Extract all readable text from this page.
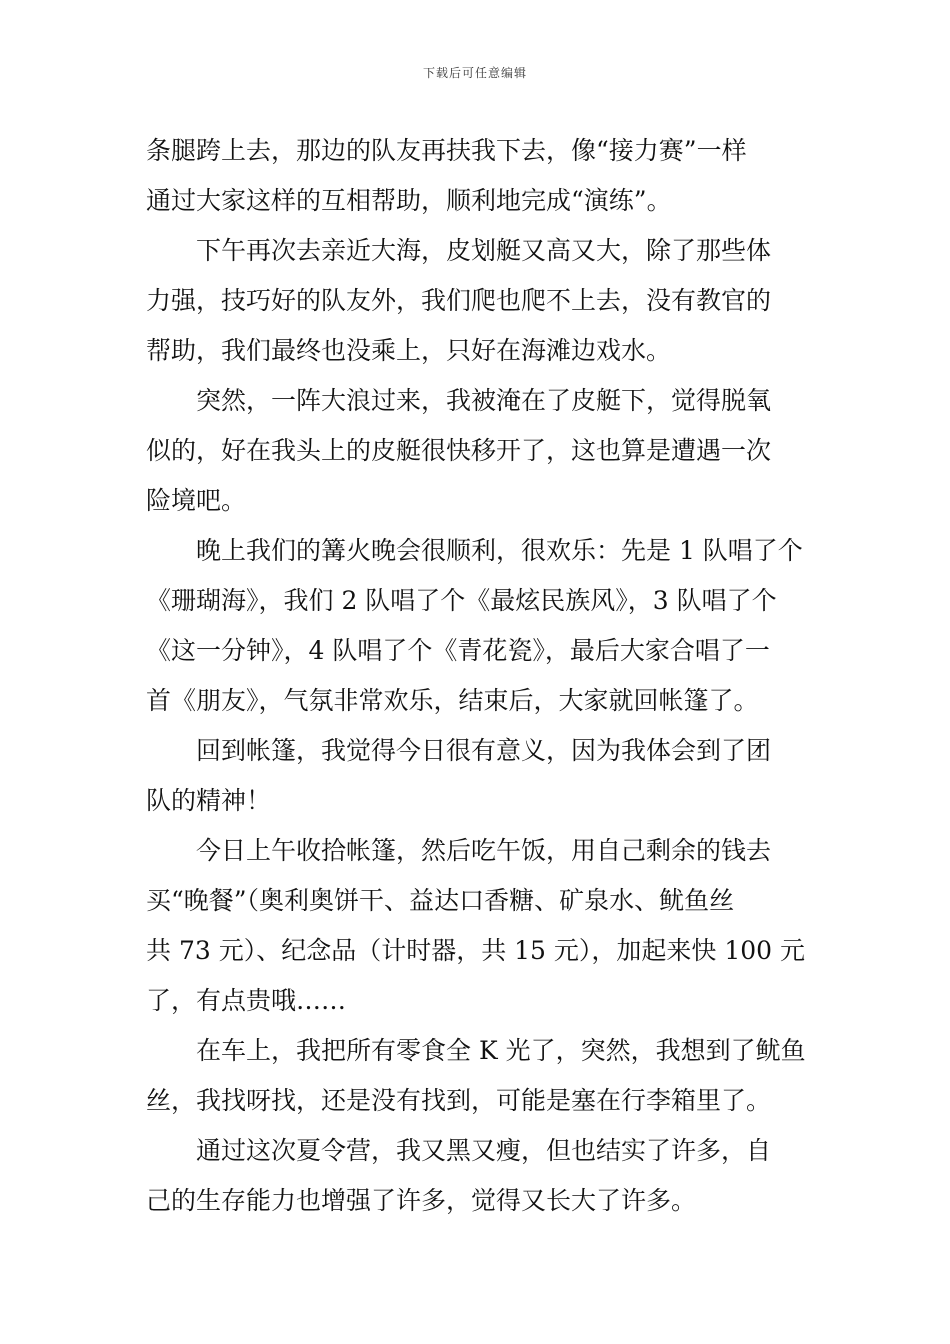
下载后可任意编辑
条腿跨上去，那边的队友再扶我下去，像“接力赛”一样
通过大家这样的互相帮助，顺利地完成“演练”。
下午再次去亲近大海，皮划艇又高又大，除了那些体
力强，技巧好的队友外，我们爬也爬不上去，没有教官的
帮助，我们最终也没乘上，只好在海滩边戏水。
突然，一阵大浪过来，我被淹在了皮艇下，觉得脱氧
似的，好在我头上的皮艇很快移开了，这也算是遭遇一次
险境吧。
晚上我们的篝火晚会很顺利，很欢乐：先是 1 队唱了个
《珊瑚海》，我们 2 队唱了个《最炫民族风》，3 队唱了个
《这一分钟》，4 队唱了个《青花瓷》，最后大家合唱了一
首《朋友》，气氛非常欢乐，结束后，大家就回帐篷了。
回到帐篷，我觉得今日很有意义，因为我体会到了团
队的精神！
今日上午收拾帐篷，然后吃午饭，用自己剩余的钱去
买“晚餐”（奥利奥饼干、益达口香糖、矿泉水、鱿鱼丝
共 73 元）、纪念品（计时器，共 15 元），加起来快 100 元
了，有点贵哦……
在车上，我把所有零食全 K 光了，突然，我想到了鱿鱼
丝，我找呀找，还是没有找到，可能是塞在行李箱里了。
通过这次夏令营，我又黑又瘦，但也结实了许多，自
己的生存能力也增强了许多，觉得又长大了许多。
